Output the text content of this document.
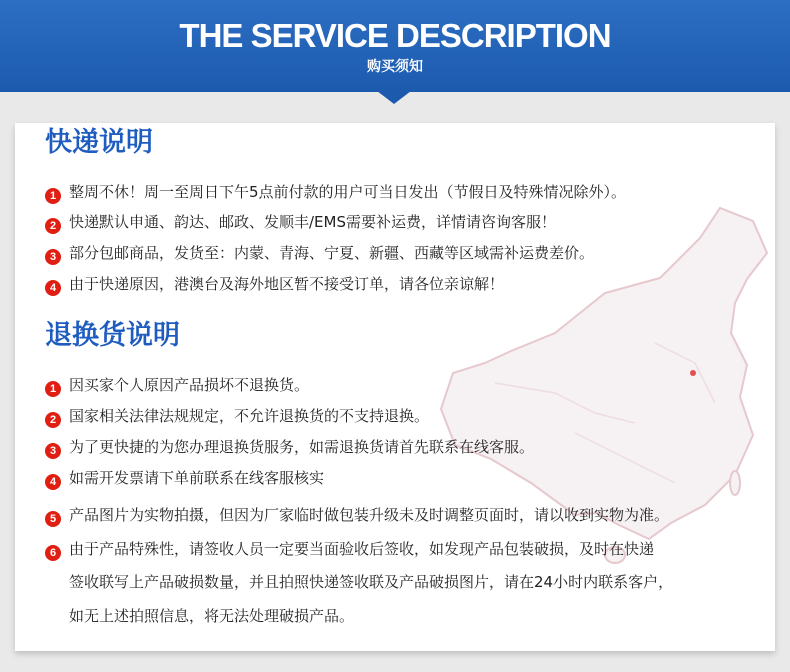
THE SERVICE DESCRIPTION
购买须知
快递说明
1 整周不休！周一至周日下午5点前付款的用户可当日发出（节假日及特殊情况除外）。
2 快递默认申通、韵达、邮政、发顺丰/EMS需要补运费，详情请咨询客服！
3 部分包邮商品，发货至：内蒙、青海、宁夏、新疆、西藏等区域需补运费差价。
4 由于快递原因，港澳台及海外地区暂不接受订单，请各位亲谅解！
退换货说明
1 因买家个人原因产品损坏不退换货。
2 国家相关法律法规规定，不允许退换货的不支持退换。
3 为了更快捷的为您办理退换货服务，如需退换货请首先联系在线客服。
4 如需开发票请下单前联系在线客服核实
5 产品图片为实物拍摄，但因为厂家临时做包装升级未及时调整页面时，请以收到实物为准。
6 由于产品特殊性，请签收人员一定要当面验收后签收，如发现产品包装破损，及时在快递
签收联写上产品破损数量，并且拍照快递签收联及产品破损图片，请在24小时内联系客户，
如无上述拍照信息，将无法处理破损产品。
